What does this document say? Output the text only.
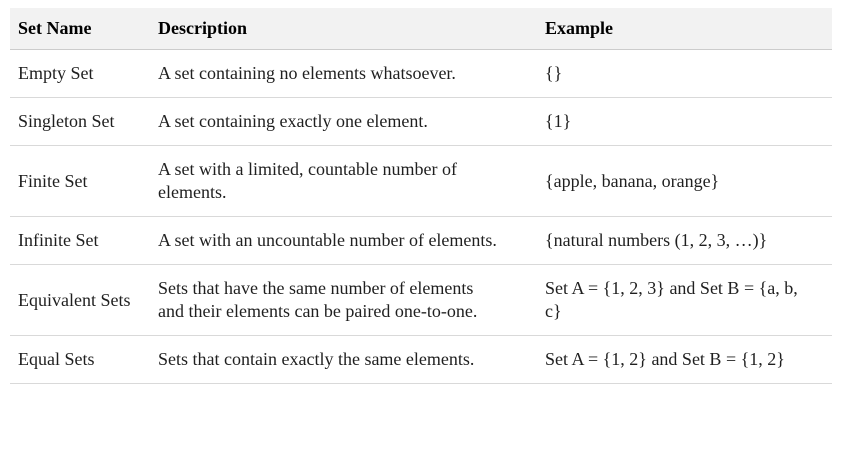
Set Name	Description	Example
Empty Set	A set containing no elements whatsoever.	{}
Singleton Set	A set containing exactly one element.	{1}
Finite Set	A set with a limited, countable number of elements.	{apple, banana, orange}
Infinite Set	A set with an uncountable number of elements.	{natural numbers (1, 2, 3, …)}
Equivalent Sets	Sets that have the same number of elements and their elements can be paired one-to-one.	Set A = {1, 2, 3} and Set B = {a, b, c}
Equal Sets	Sets that contain exactly the same elements.	Set A = {1, 2} and Set B = {1, 2}
